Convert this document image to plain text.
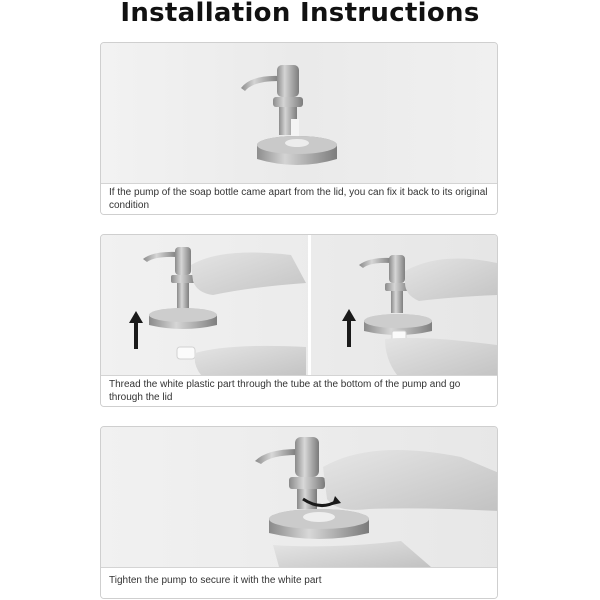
Installation Instructions
If the pump of the soap bottle came apart from the lid, you can fix it back to its original condition
Thread the white plastic part through the tube at the bottom of the pump and go through the lid
Tighten the pump to secure it with the white part
